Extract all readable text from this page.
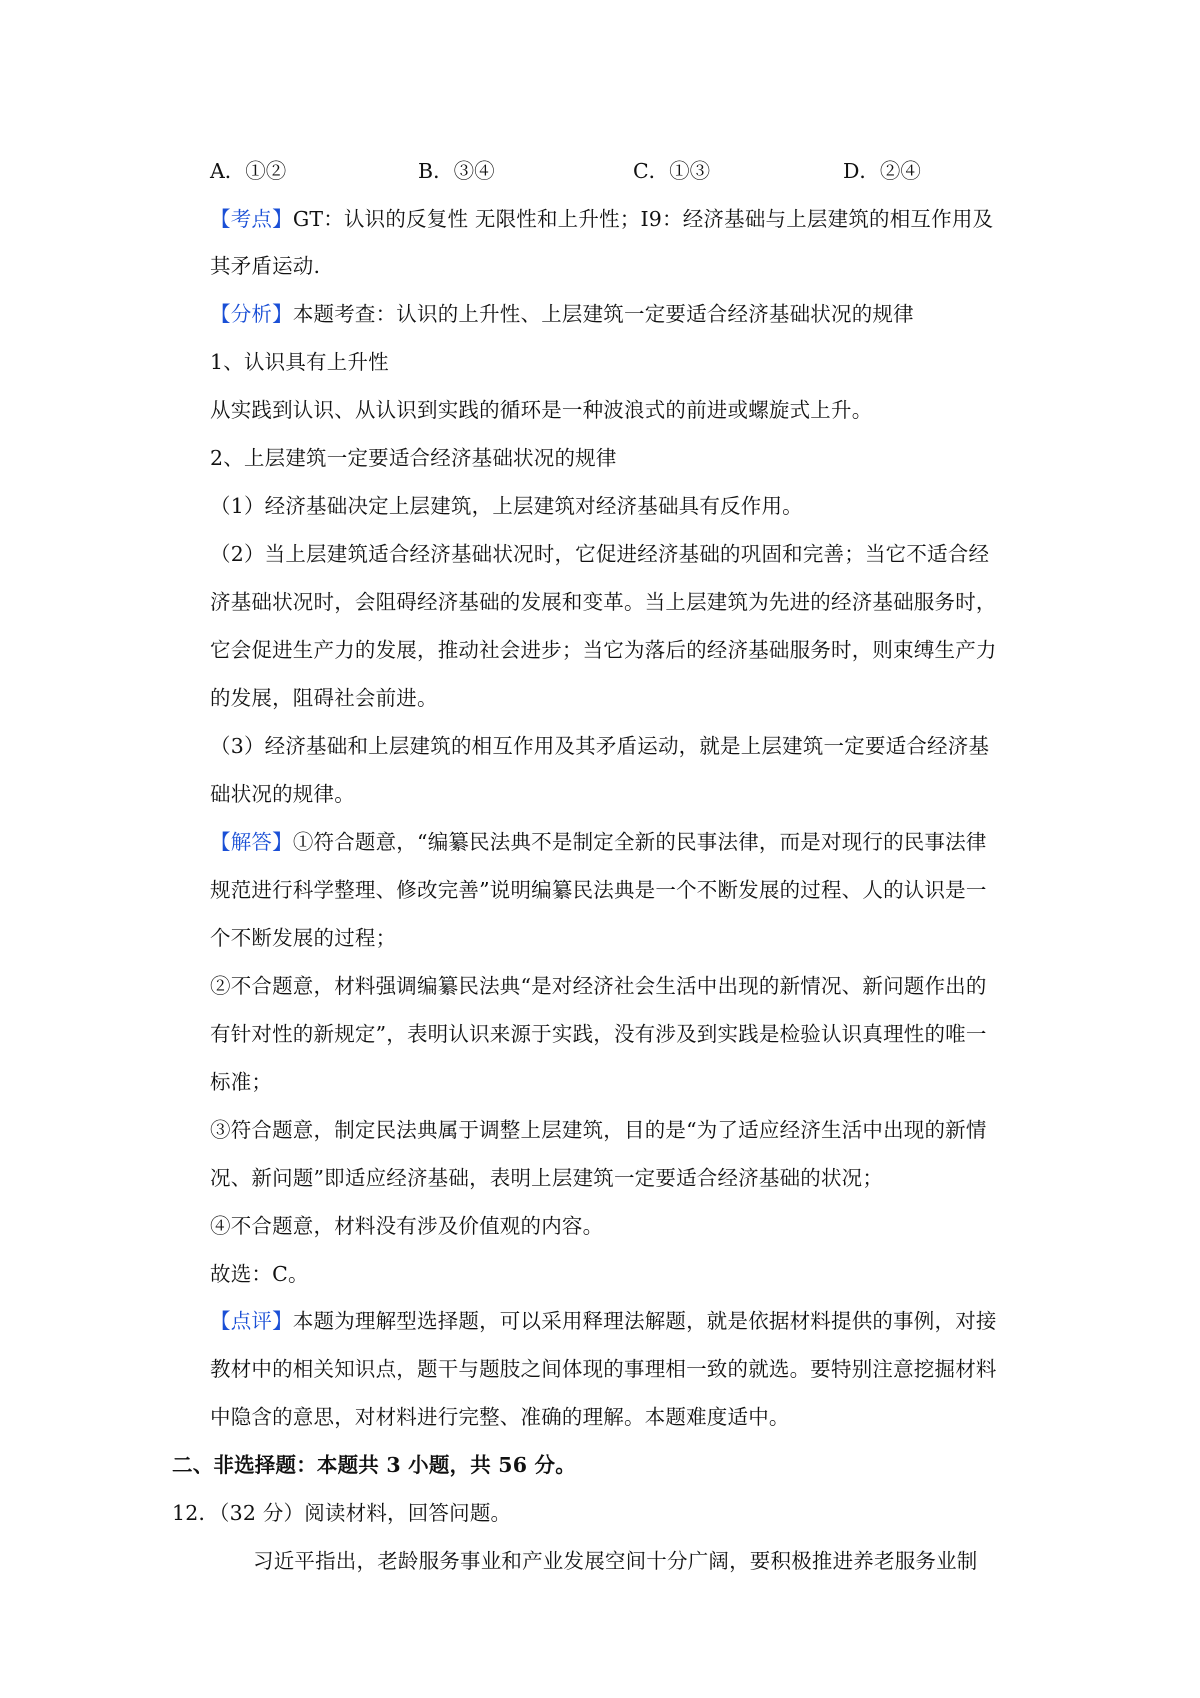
A．①②	B．③④	C．①③	D．②④
【考点】GT：认识的反复性 无限性和上升性；I9：经济基础与上层建筑的相互作用及
其矛盾运动.
【分析】本题考查：认识的上升性、上层建筑一定要适合经济基础状况的规律
1、认识具有上升性
从实践到认识、从认识到实践的循环是一种波浪式的前进或螺旋式上升。
2、上层建筑一定要适合经济基础状况的规律
（1）经济基础决定上层建筑，上层建筑对经济基础具有反作用。
（2）当上层建筑适合经济基础状况时，它促进经济基础的巩固和完善；当它不适合经
济基础状况时，会阻碍经济基础的发展和变革。当上层建筑为先进的经济基础服务时，
它会促进生产力的发展，推动社会进步；当它为落后的经济基础服务时，则束缚生产力
的发展，阻碍社会前进。
（3）经济基础和上层建筑的相互作用及其矛盾运动，就是上层建筑一定要适合经济基
础状况的规律。
【解答】①符合题意，“编纂民法典不是制定全新的民事法律，而是对现行的民事法律
规范进行科学整理、修改完善”说明编纂民法典是一个不断发展的过程、人的认识是一
个不断发展的过程；
②不合题意，材料强调编纂民法典“是对经济社会生活中出现的新情况、新问题作出的
有针对性的新规定”，表明认识来源于实践，没有涉及到实践是检验认识真理性的唯一
标准；
③符合题意，制定民法典属于调整上层建筑，目的是“为了适应经济生活中出现的新情
况、新问题”即适应经济基础，表明上层建筑一定要适合经济基础的状况；
④不合题意，材料没有涉及价值观的内容。
故选：C。
【点评】本题为理解型选择题，可以采用释理法解题，就是依据材料提供的事例，对接
教材中的相关知识点，题干与题肢之间体现的事理相一致的就选。要特别注意挖掘材料
中隐含的意思，对材料进行完整、准确的理解。本题难度适中。
二、非选择题：本题共 3 小题，共 56 分。
12．（32 分）阅读材料，回答问题。
习近平指出，老龄服务事业和产业发展空间十分广阔，要积极推进养老服务业制
